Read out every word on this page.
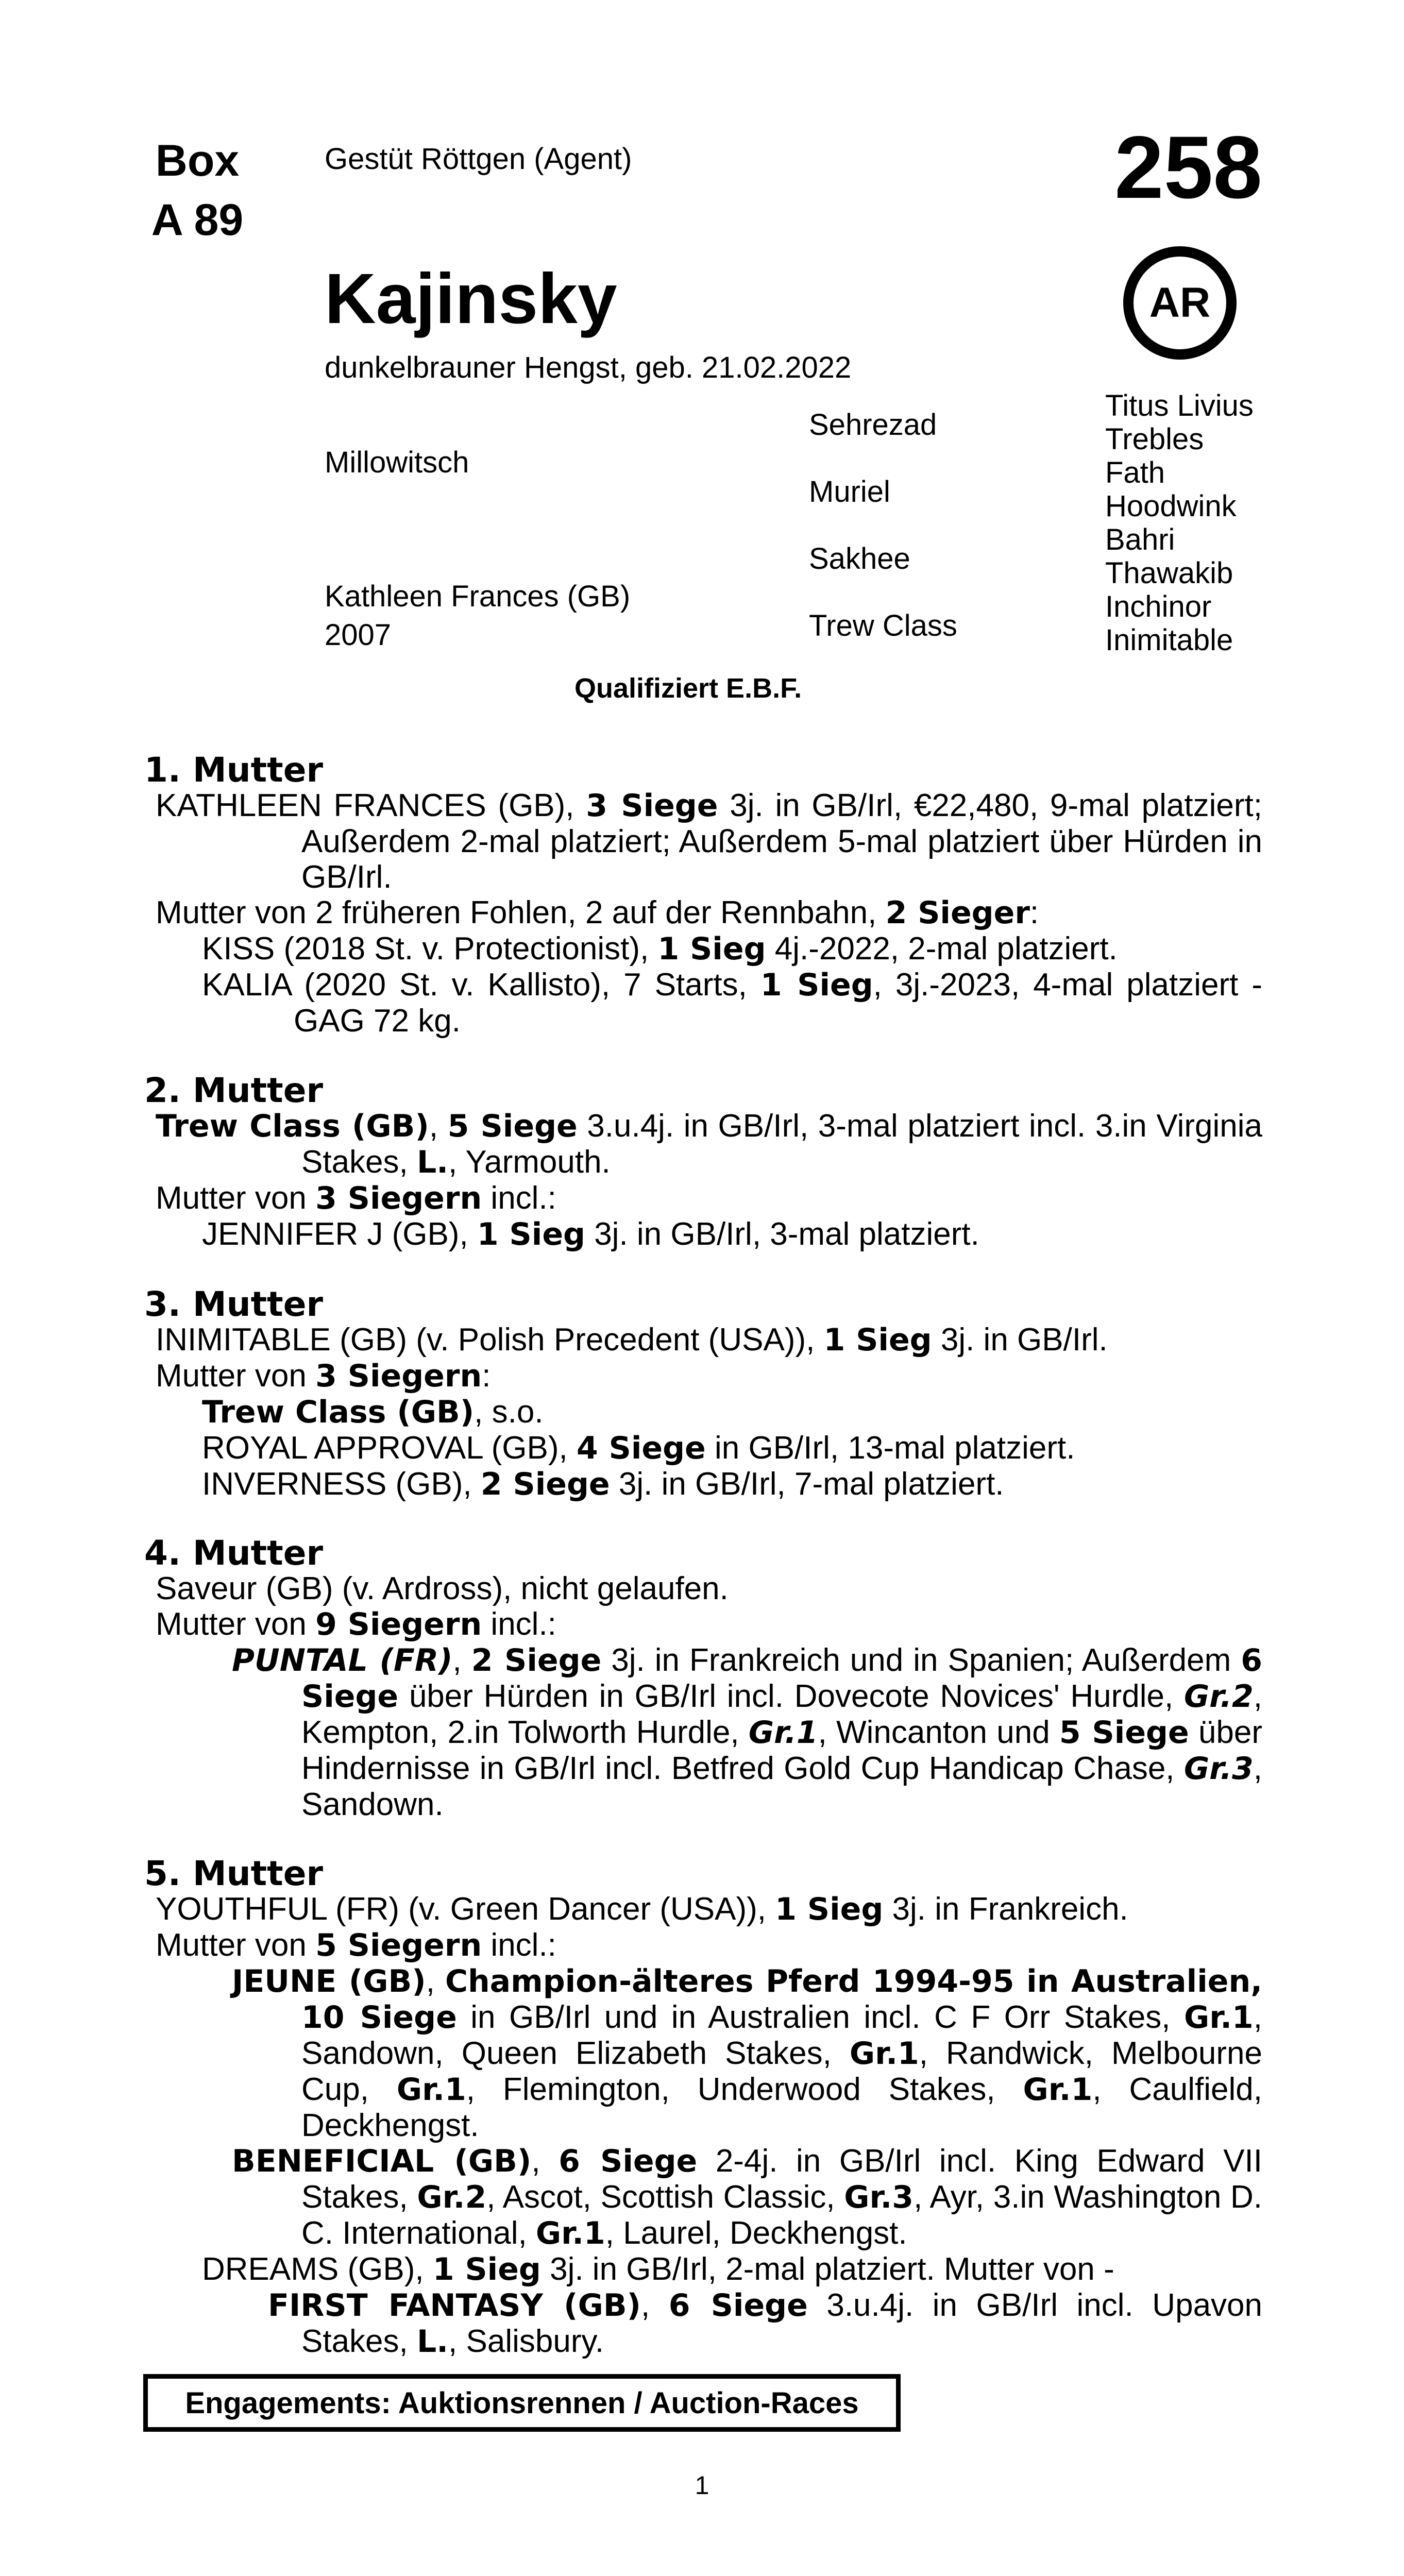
Box
A 89
Gestüt Röttgen (Agent)	258
AR
Kajinsky
dunkelbrauner Hengst, geb. 21.02.2022
Millowitsch
Kathleen Frances (GB)
2007
Sehrezad
Muriel
Sakhee
Trew Class
Titus Livius
Trebles
Fath
Hoodwink
Bahri
Thawakib
Inchinor
Inimitable
Qualifiziert E.B.F.
1. Mutter

KATHLEEN FRANCES (GB), 3 Siege 3j. in GB/Irl, €22,480, 9-mal platziert; Außerdem 2-mal platziert; Außerdem 5-mal platziert über Hürden in GB/Irl.

Mutter von 2 früheren Fohlen, 2 auf der Rennbahn, 2 Sieger:

KISS (2018 St. v. Protectionist), 1 Sieg 4j.-2022, 2-mal platziert.

KALIA (2020 St. v. Kallisto), 7 Starts, 1 Sieg, 3j.-2023, 4-mal platziert - GAG 72 kg.

2. Mutter

Trew Class (GB), 5 Siege 3.u.4j. in GB/Irl, 3-mal platziert incl. 3.in Virginia Stakes, L., Yarmouth.

Mutter von 3 Siegern incl.:

JENNIFER J (GB), 1 Sieg 3j. in GB/Irl, 3-mal platziert.

3. Mutter

INIMITABLE (GB) (v. Polish Precedent (USA)), 1 Sieg 3j. in GB/Irl.

Mutter von 3 Siegern:

Trew Class (GB), s.o.

ROYAL APPROVAL (GB), 4 Siege in GB/Irl, 13-mal platziert.

INVERNESS (GB), 2 Siege 3j. in GB/Irl, 7-mal platziert.

4. Mutter

Saveur (GB) (v. Ardross), nicht gelaufen.

Mutter von 9 Siegern incl.:

PUNTAL (FR), 2 Siege 3j. in Frankreich und in Spanien; Außerdem 6 Siege über Hürden in GB/Irl incl. Dovecote Novices' Hurdle, Gr.2, Kempton, 2.in Tolworth Hurdle, Gr.1, Wincanton und 5 Siege über Hindernisse in GB/Irl incl. Betfred Gold Cup Handicap Chase, Gr.3, Sandown.

5. Mutter

YOUTHFUL (FR) (v. Green Dancer (USA)), 1 Sieg 3j. in Frankreich.

Mutter von 5 Siegern incl.:

JEUNE (GB), Champion-älteres Pferd 1994-95 in Australien, 10 Siege in GB/Irl und in Australien incl. C F Orr Stakes, Gr.1, Sandown, Queen Elizabeth Stakes, Gr.1, Randwick, Melbourne Cup, Gr.1, Flemington, Underwood Stakes, Gr.1, Caulfield, Deckhengst.

BENEFICIAL (GB), 6 Siege 2-4j. in GB/Irl incl. King Edward VII Stakes, Gr.2, Ascot, Scottish Classic, Gr.3, Ayr, 3.in Washington D. C. International, Gr.1, Laurel, Deckhengst.

DREAMS (GB), 1 Sieg 3j. in GB/Irl, 2-mal platziert. Mutter von -

FIRST FANTASY (GB), 6 Siege 3.u.4j. in GB/Irl incl. Upavon Stakes, L., Salisbury.

Engagements: Auktionsrennen / Auction-Races
1
